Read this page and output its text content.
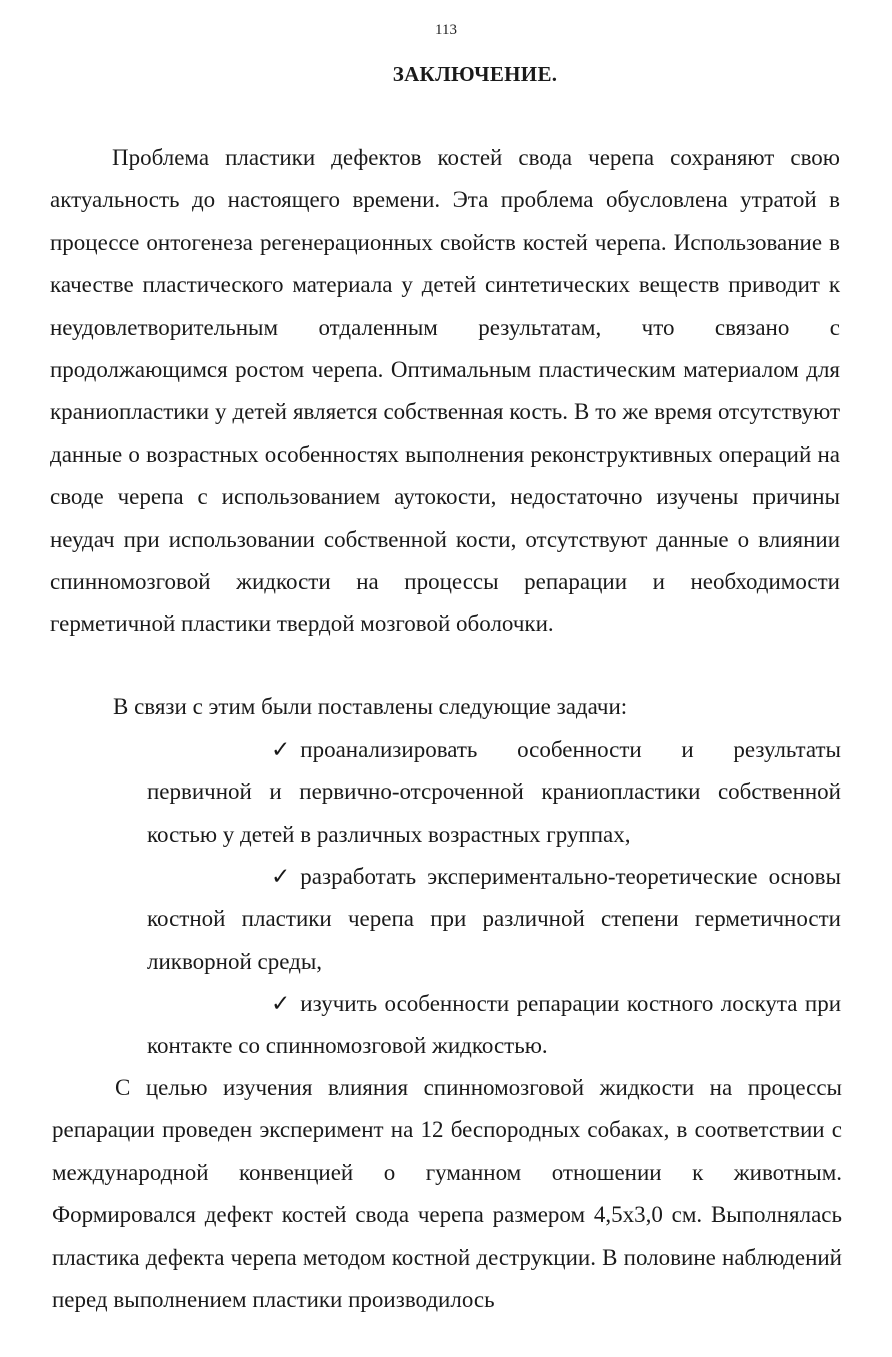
113
ЗАКЛЮЧЕНИЕ.

Проблема пластики дефектов костей свода черепа сохраняют свою актуальность до настоящего времени. Эта проблема обусловлена утратой в процессе онтогенеза регенерационных свойств костей черепа. Использование в качестве пластического материала у детей синтетических веществ приводит к неудовлетворительным отдаленным результатам, что связано с продолжающимся ростом черепа. Оптимальным пластическим материалом для краниопластики у детей является собственная кость. В то же время отсутствуют данные о возрастных особенностях выполнения реконструктивных операций на своде черепа с использованием аутокости, недостаточно изучены причины неудач при использовании собственной кости, отсутствуют данные о влиянии спинномозговой жидкости на процессы репарации и необходимости герметичной пластики твердой мозговой оболочки.

В связи с этим были поставлены следующие задачи:

✓ проанализировать особенности и результаты первичной и первично-отсроченной краниопластики собственной костью у детей в различных возрастных группах,

✓ разработать экспериментально-теоретические основы костной пластики черепа при различной степени герметичности ликворной среды,

✓ изучить особенности репарации костного лоскута при контакте со спинномозговой жидкостью.

С целью изучения влияния спинномозговой жидкости на процессы репарации проведен эксперимент на 12 беспородных собаках, в соответствии с международной конвенцией о гуманном отношении к животным. Формировался дефект костей свода черепа размером 4,5x3,0 см. Выполнялась пластика дефекта черепа методом костной деструкции. В половине наблюдений перед выполнением пластики производилось
